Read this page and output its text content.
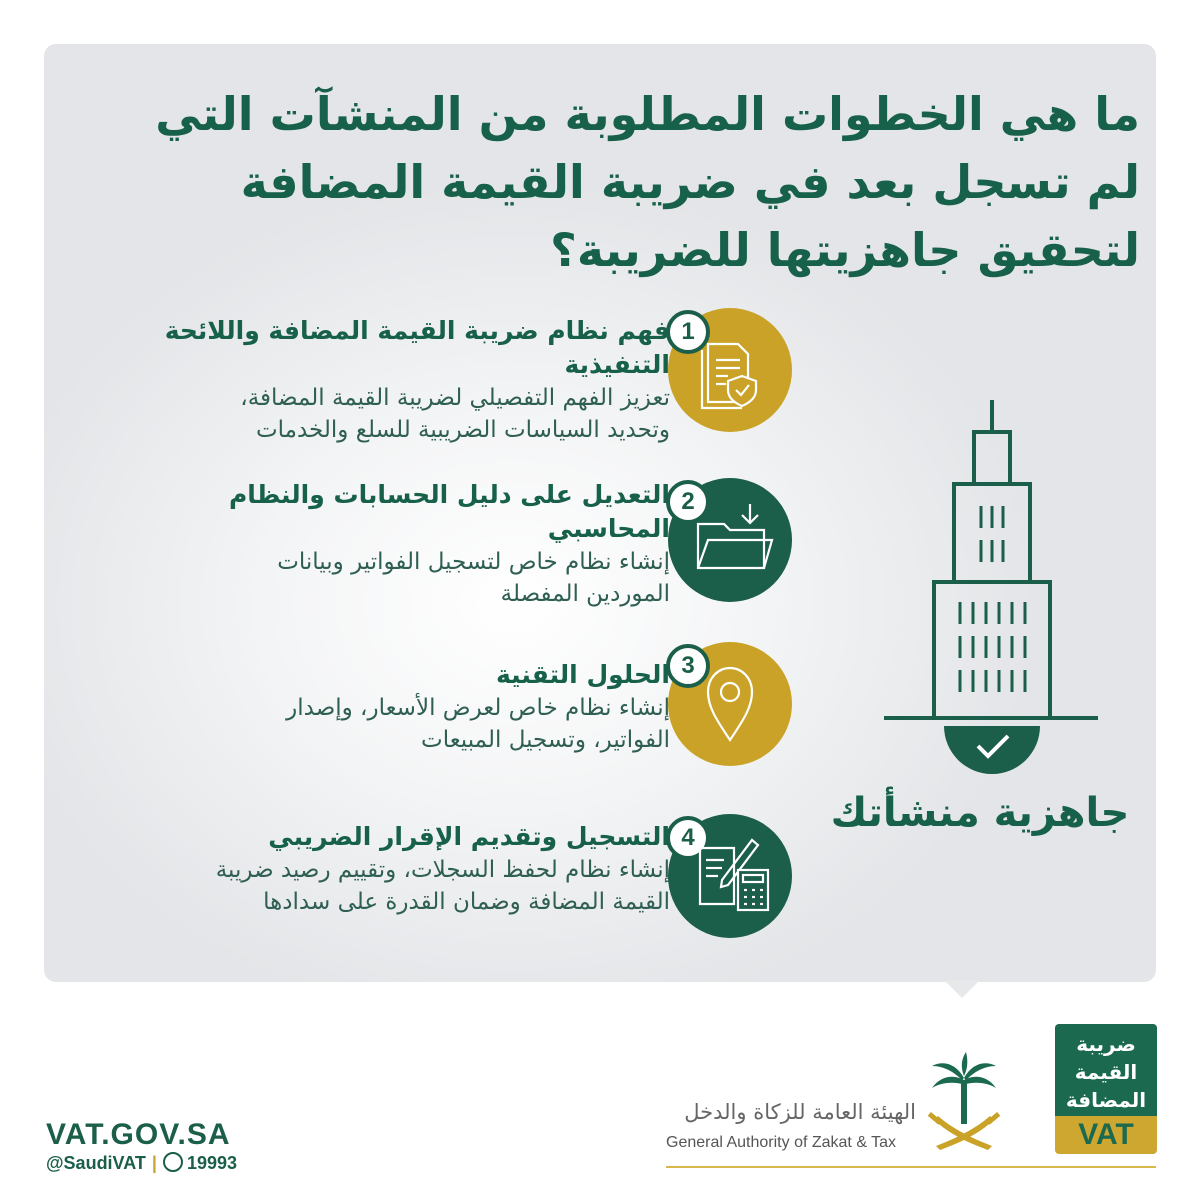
ما هي الخطوات المطلوبة من المنشآت التي
لم تسجل بعد في ضريبة القيمة المضافة
لتحقيق جاهزيتها للضريبة؟
1

فهم نظام ضريبة القيمة المضافة واللائحة

التنفيذية

تعزيز الفهم التفصيلي لضريبة القيمة المضافة،

وتحديد السياسات الضريبية للسلع والخدمات

2

التعديل على دليل الحسابات والنظام

المحاسبي

إنشاء نظام خاص لتسجيل الفواتير وبيانات

الموردين المفصلة

3

الحلول التقنية

إنشاء نظام خاص لعرض الأسعار، وإصدار

الفواتير، وتسجيل المبيعات

4

التسجيل وتقديم الإقرار الضريبي

إنشاء نظام لحفظ السجلات، وتقييم رصيد ضريبة

القيمة المضافة وضمان القدرة على سدادها

جاهزية منشأتك
VAT.GOV.SA
@SaudiVAT | 19993
الهيئة العامة للزكاة والدخل
General Authority of Zakat & Tax
ضريبة
القيمة
المضافة
VAT
